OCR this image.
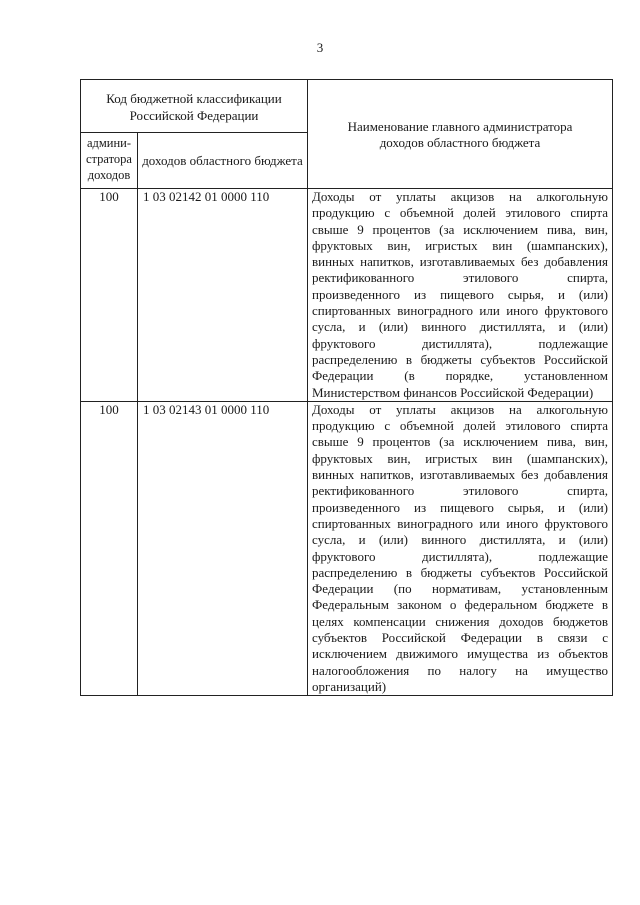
3
Код бюджетной классификации Российской Федерации		Наименование главного администратора доходов областного бюджета
админи-стратора доходов	доходов областного бюджета	
100	1 03 02142 01 0000 110	Доходы от уплаты акцизов на алкогольную продукцию с объемной долей этилового спирта свыше 9 процентов (за исключением пива, вин, фруктовых вин, игристых вин (шампанских), винных напитков, изготавливаемых без добавления ректификованного этилового спирта, произведенного из пищевого сырья, и (или) спиртованных виноградного или иного фруктового сусла, и (или) винного дистиллята, и (или) фруктового дистиллята), подлежащие распределению в бюджеты субъектов Российской Федерации (в порядке, установленном Министерством финансов Российской Федерации)
100	1 03 02143 01 0000 110	Доходы от уплаты акцизов на алкогольную продукцию с объемной долей этилового спирта свыше 9 процентов (за исключением пива, вин, фруктовых вин, игристых вин (шампанских), винных напитков, изготавливаемых без добавления ректификованного этилового спирта, произведенного из пищевого сырья, и (или) спиртованных виноградного или иного фруктового сусла, и (или) винного дистиллята, и (или) фруктового дистиллята), подлежащие распределению в бюджеты субъектов Российской Федерации (по нормативам, установленным Федеральным законом о федеральном бюджете в целях компенсации снижения доходов бюджетов субъектов Российской Федерации в связи с исключением движимого имущества из объектов налогообложения по налогу на имущество организаций)
